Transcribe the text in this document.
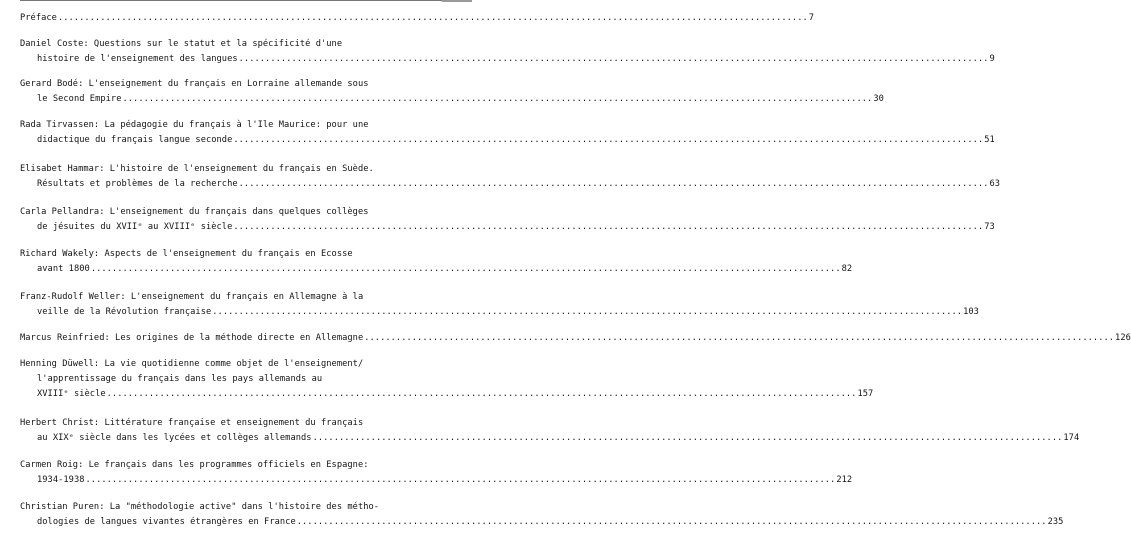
Préface .....	7
Daniel Coste: Questions sur le statut et la spécificité d'une
histoire de l'enseignement des langues .....	9
Gerard Bodé: L'enseignement du français en Lorraine allemande sous
le Second Empire .....	30
Rada Tirvassen: La pédagogie du français à l'Ile Maurice: pour une
didactique du français langue seconde .....	51
Elisabet Hammar: L'histoire de l'enseignement du français en Suède.
Résultats et problèmes de la recherche .....	63
Carla Pellandra: L'enseignement du français dans quelques collèges
de jésuites du XVIIᵉ au XVIIIᵉ siècle .....	73
Richard Wakely: Aspects de l'enseignement du français en Ecosse
avant 1800 .....	82
Franz-Rudolf Weller: L'enseignement du français en Allemagne à la
veille de la Révolution française .....	103
Marcus Reinfried: Les origines de la méthode directe en Allemagne .....	126
Henning Düwell: La vie quotidienne comme objet de l'enseignement/
l'apprentissage du français dans les pays allemands au
XVIIIᵉ siècle .....	157
Herbert Christ: Littérature française et enseignement du français
au XIXᵉ siècle dans les lycées et collèges allemands .....	174
Carmen Roig: Le français dans les programmes officiels en Espagne:
1934-1938 .....	212
Christian Puren: La "méthodologie active" dans l'histoire des métho-
dologies de langues vivantes étrangères en France .....	235
